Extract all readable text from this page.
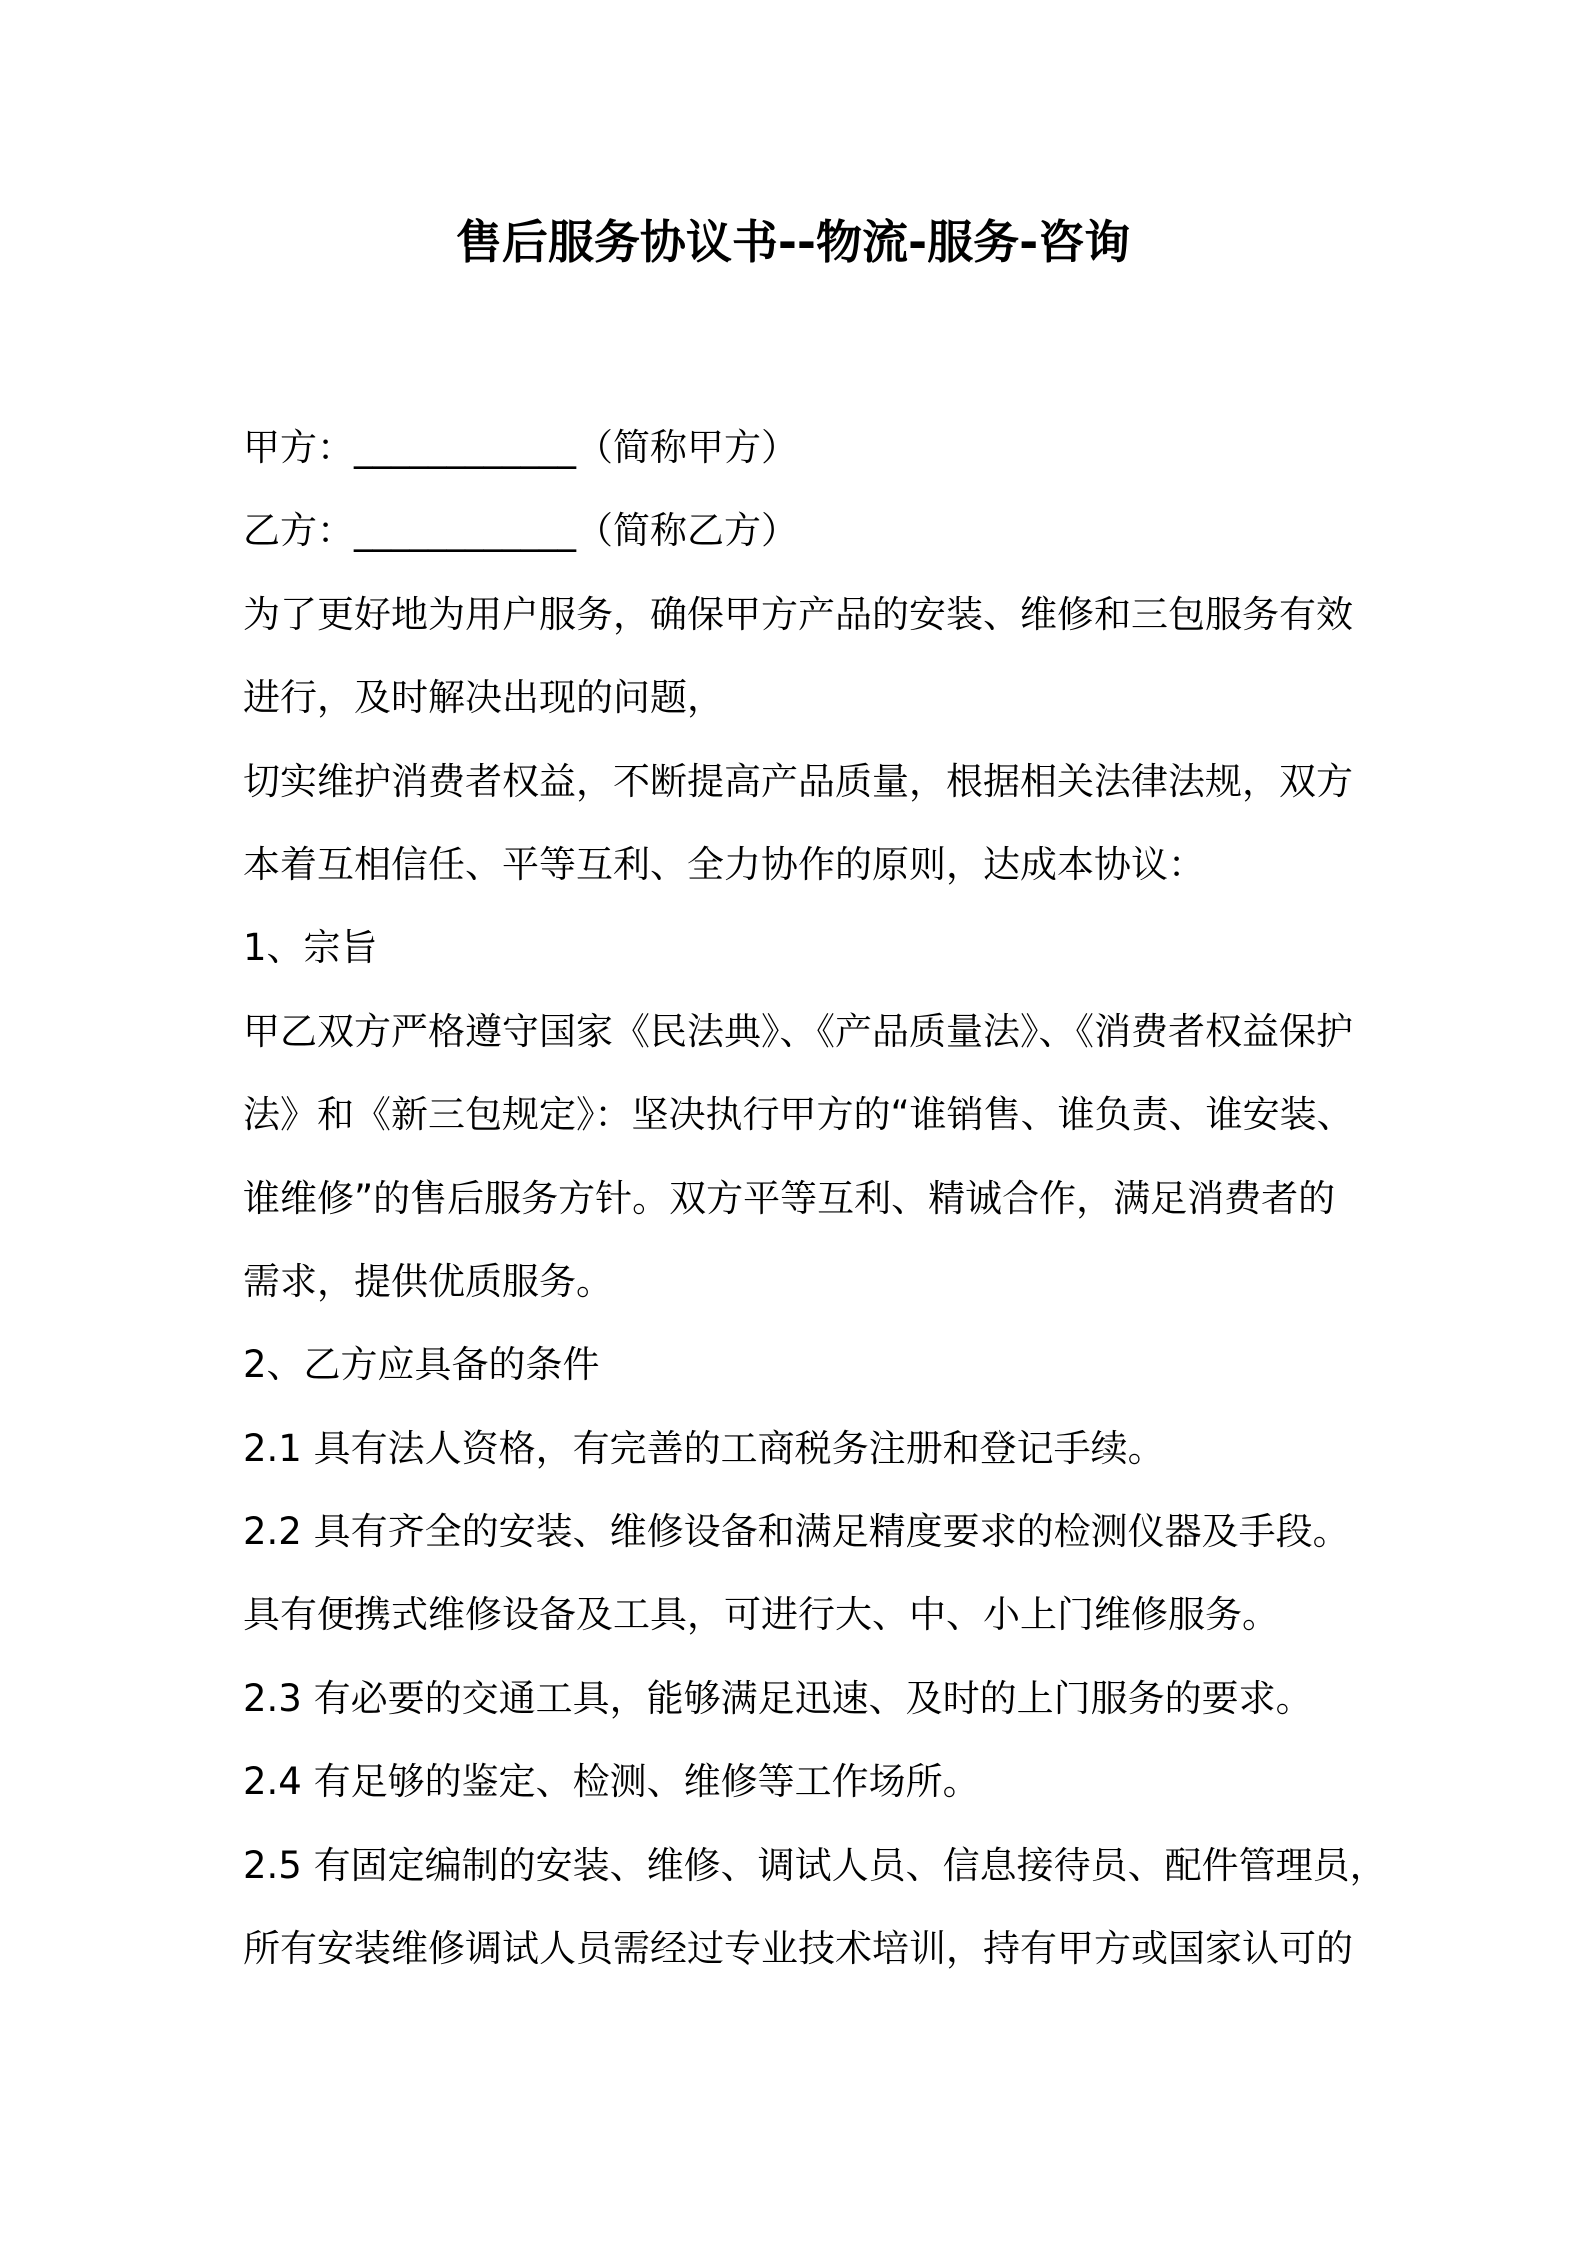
售后服务协议书--物流-服务-咨询

甲方：____________（简称甲方）

乙方：____________（简称乙方）

为了更好地为用户服务，确保甲方产品的安装、维修和三包服务有效

进行，及时解决出现的问题，

切实维护消费者权益，不断提高产品质量，根据相关法律法规，双方

本着互相信任、平等互利、全力协作的原则，达成本协议：

1、宗旨

甲乙双方严格遵守国家《民法典》、《产品质量法》、《消费者权益保护

法》和《新三包规定》：坚决执行甲方的“谁销售、谁负责、谁安装、

谁维修”的售后服务方针。双方平等互利、精诚合作，满足消费者的

需求，提供优质服务。

2、乙方应具备的条件

2.1 具有法人资格，有完善的工商税务注册和登记手续。

2.2 具有齐全的安装、维修设备和满足精度要求的检测仪器及手段。

具有便携式维修设备及工具，可进行大、中、小上门维修服务。

2.3 有必要的交通工具，能够满足迅速、及时的上门服务的要求。

2.4 有足够的鉴定、检测、维修等工作场所。

2.5 有固定编制的安装、维修、调试人员、信息接待员、配件管理员，

所有安装维修调试人员需经过专业技术培训，持有甲方或国家认可的
